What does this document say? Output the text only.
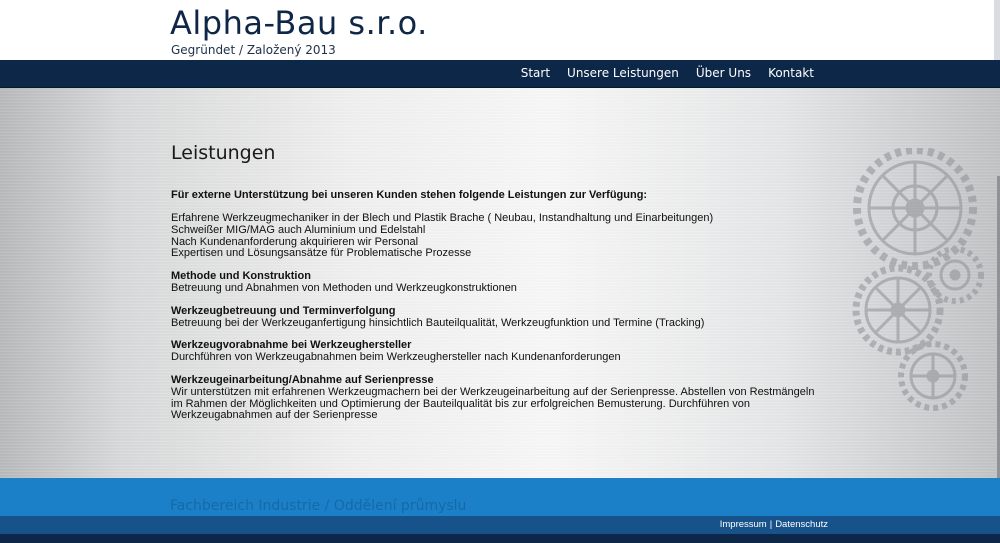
Alpha-Bau s.r.o.
Gegründet / Založený 2013
Start Unsere Leistungen Über Uns Kontakt
Leistungen
Für externe Unterstützung bei unseren Kunden stehen folgende Leistungen zur Verfügung:
Erfahrene Werkzeugmechaniker in der Blech und Plastik Brache ( Neubau, Instandhaltung und Einarbeitungen)
Schweißer MIG/MAG auch Aluminium und Edelstahl
Nach Kundenanforderung akquirieren wir Personal
Expertisen und Lösungsansätze für Problematische Prozesse
Methode und Konstruktion
Betreuung und Abnahmen von Methoden und Werkzeugkonstruktionen
Werkzeugbetreuung und Terminverfolgung
Betreuung bei der Werkzeuganfertigung hinsichtlich Bauteilqualität, Werkzeugfunktion und Termine (Tracking)
Werkzeugvorabnahme bei Werkzeughersteller
Durchführen von Werkzeugabnahmen beim Werkzeughersteller nach Kundenanforderungen
Werkzeugeinarbeitung/Abnahme auf Serienpresse
Wir unterstützen mit erfahrenen Werkzeugmachern bei der Werkzeugeinarbeitung auf der Serienpresse. Abstellen von Restmängeln im Rahmen der Möglichkeiten und Optimierung der Bauteilqualität bis zur erfolgreichen Bemusterung. Durchführen von Werkzeugabnahmen auf der Serienpresse
Fachbereich Industrie / Oddělení průmyslu
Impressum | Datenschutz
